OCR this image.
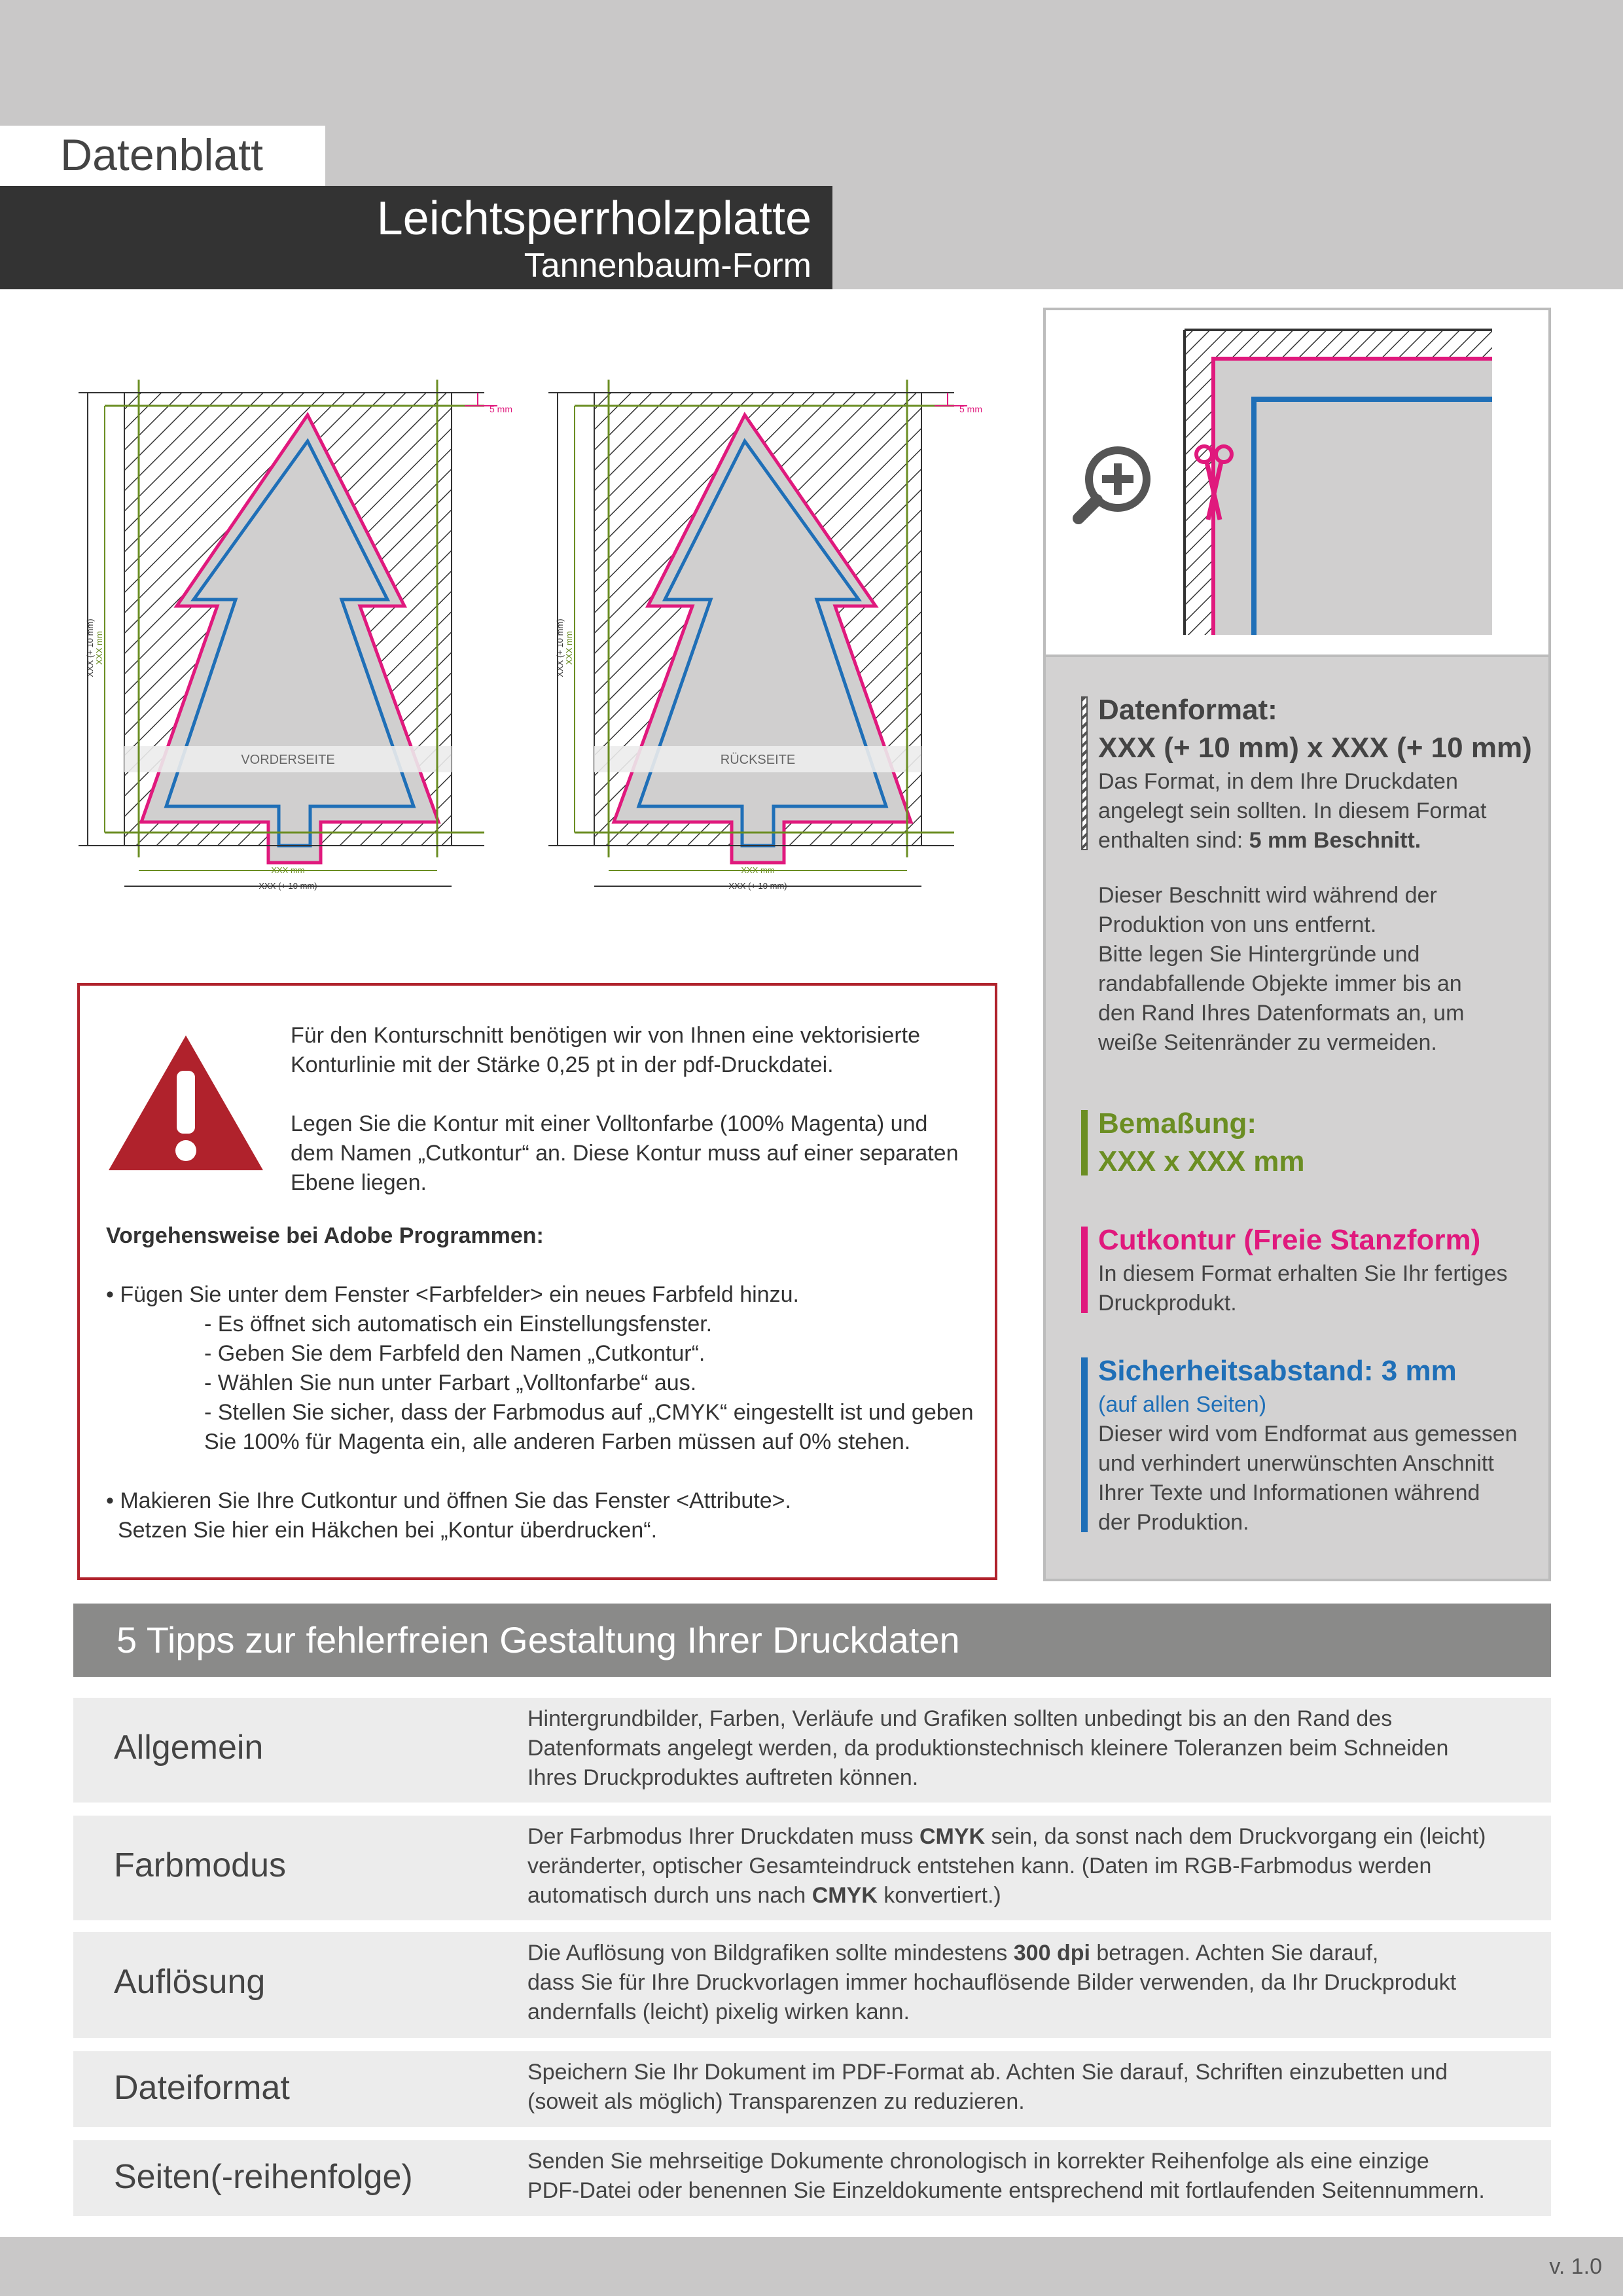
Datenblatt
Leichtsperrholzplatte
Tannenbaum-Form
VORDERSEITE
XXX (+ 10 mm) XXX mm
XXX mm
XXX (+ 10 mm)
5 mm
RÜCKSEITE
XXX (+ 10 mm) XXX mm
XXX mm
XXX (+ 10 mm)
5 mm
Datenformat:
XXX (+ 10 mm) x XXX (+ 10 mm)

Das Format, in dem Ihre Druckdaten

angelegt sein sollten. In diesem Format

enthalten sind: 5 mm Beschnitt.

Dieser Beschnitt wird während der

Produktion von uns entfernt.

Bitte legen Sie Hintergründe und

randabfallende Objekte immer bis an

den Rand Ihres Datenformats an, um

weiße Seitenränder zu vermeiden.

Bemaßung:
XXX x XXX mm
Cutkontur (Freie Stanzform)

In diesem Format erhalten Sie Ihr fertiges

Druckprodukt.

Sicherheitsabstand: 3 mm

(auf allen Seiten)

Dieser wird vom Endformat aus gemessen

und verhindert unerwünschten Anschnitt

Ihrer Texte und Informationen während

der Produktion.

Für den Konturschnitt benötigen wir von Ihnen eine vektorisierte

Konturlinie mit der Stärke 0,25 pt in der pdf-Druckdatei.

Legen Sie die Kontur mit einer Volltonfarbe (100% Magenta) und

dem Namen „Cutkontur“ an. Diese Kontur muss auf einer separaten

Ebene liegen.

Vorgehensweise bei Adobe Programmen:

• Fügen Sie unter dem Fenster <Farbfelder> ein neues Farbfeld hinzu.

- Es öffnet sich automatisch ein Einstellungsfenster.

- Geben Sie dem Farbfeld den Namen „Cutkontur“.

- Wählen Sie nun unter Farbart „Volltonfarbe“ aus.

- Stellen Sie sicher, dass der Farbmodus auf „CMYK“ eingestellt ist und geben

Sie 100% für Magenta ein, alle anderen Farben müssen auf 0% stehen.

• Makieren Sie Ihre Cutkontur und öffnen Sie das Fenster <Attribute>.

Setzen Sie hier ein Häkchen bei „Kontur überdrucken“.

5 Tipps zur fehlerfreien Gestaltung Ihrer Druckdaten
Allgemein

Hintergrundbilder, Farben, Verläufe und Grafiken sollten unbedingt bis an den Rand des

Datenformats angelegt werden, da produktionstechnisch kleinere Toleranzen beim Schneiden

Ihres Druckproduktes auftreten können.

Farbmodus

Der Farbmodus Ihrer Druckdaten muss CMYK sein, da sonst nach dem Druckvorgang ein (leicht)

veränderter, optischer Gesamteindruck entstehen kann. (Daten im RGB-Farbmodus werden

automatisch durch uns nach CMYK konvertiert.)

Auflösung

Die Auflösung von Bildgrafiken sollte mindestens 300 dpi betragen. Achten Sie darauf,

dass Sie für Ihre Druckvorlagen immer hochauflösende Bilder verwenden, da Ihr Druckprodukt

andernfalls (leicht) pixelig wirken kann.

Dateiformat	Speichern Sie Ihr Dokument im PDF-Format ab. Achten Sie darauf, Schriften einzubetten und

(soweit als möglich) Transparenzen zu reduzieren.

Seiten(-reihenfolge)	Senden Sie mehrseitige Dokumente chronologisch in korrekter Reihenfolge als eine einzige

PDF-Datei oder benennen Sie Einzeldokumente entsprechend mit fortlaufenden Seitennummern.

v. 1.0
